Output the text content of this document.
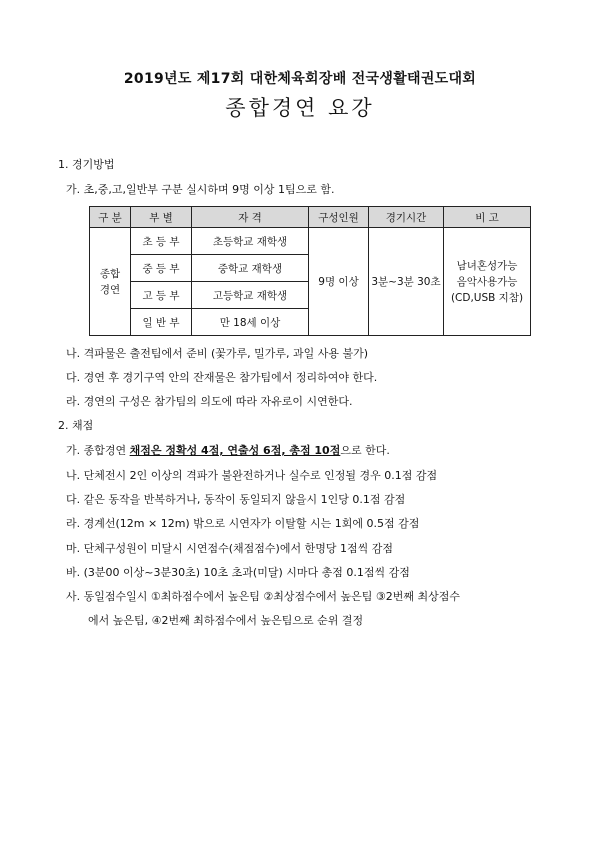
2019년도 제17회 대한체육회장배 전국생활태권도대회
종합경연 요강
1. 경기방법
가. 초,중,고,일반부 구분 실시하며 9명 이상 1팀으로 함.
구 분	부 별	자 격	구성인원	경기시간	비 고
종합
경연	초 등 부	초등학교 재학생	9명 이상	3분~3분 30초	남녀혼성가능
음악사용가능
(CD,USB 지참)
	중 등 부	중학교 재학생			
	고 등 부	고등학교 재학생			
	일 반 부	만 18세 이상			
나. 격파물은 출전팀에서 준비 (꽃가루, 밀가루, 과일 사용 불가)
다. 경연 후 경기구역 안의 잔재물은 참가팀에서 정리하여야 한다.
라. 경연의 구성은 참가팀의 의도에 따라 자유로이 시연한다.
2. 채점
가. 종합경연 채점은 정확성 4점, 연출성 6점, 총점 10점으로 한다.
나. 단체전시 2인 이상의 격파가 불완전하거나 실수로 인정될 경우 0.1점 감점
다. 같은 동작을 반복하거나, 동작이 동일되지 않을시 1인당 0.1점 감점
라. 경계선(12m × 12m) 밖으로 시연자가 이탈할 시는 1회에 0.5점 감점
마. 단체구성원이 미달시 시연점수(채점점수)에서 한명당 1점씩 감점
바. (3분00 이상~3분30초) 10초 초과(미달) 시마다 총점 0.1점씩 감점
사. 동일점수일시 ①최하점수에서 높은팀 ②최상점수에서 높은팀 ③2번째 최상점수
에서 높은팀, ④2번째 최하점수에서 높은팀으로 순위 결정
